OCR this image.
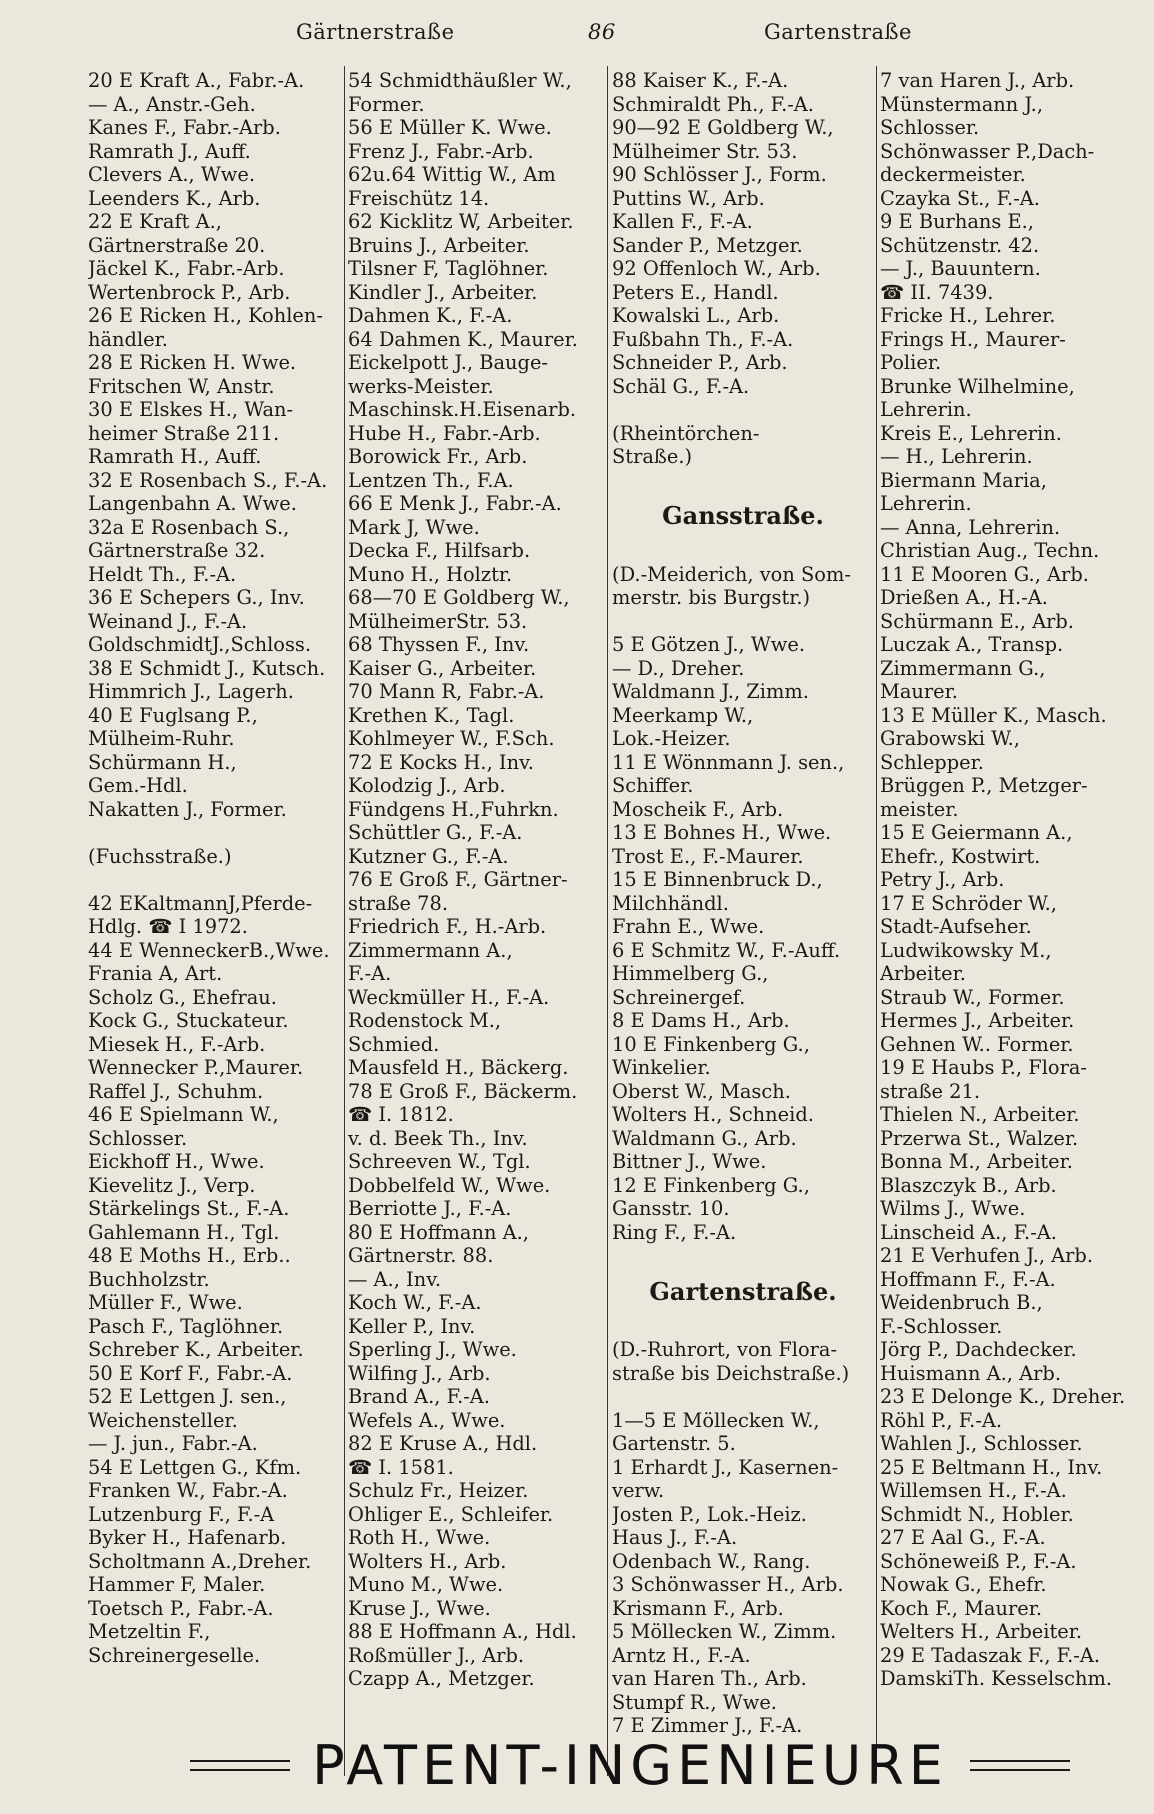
Gärtnerstraße	86	Gartenstraße
20 E Kraft A., Fabr.-A.
— A., Anstr.-Geh.
Kanes F., Fabr.-Arb.
Ramrath J., Auff.
Clevers A., Wwe.
Leenders K., Arb.
22 E Kraft A.,
Gärtnerstraße 20.
Jäckel K., Fabr.-Arb.
Wertenbrock P., Arb.
26 E Ricken H., Kohlen-
händler.
28 E Ricken H. Wwe.
Fritschen W, Anstr.
30 E Elskes H., Wan-
heimer Straße 211.
Ramrath H., Auff.
32 E Rosenbach S., F.-A.
Langenbahn A. Wwe.
32a E Rosenbach S.,
Gärtnerstraße 32.
Heldt Th., F.-A.
36 E Schepers G., Inv.
Weinand J., F.-A.
GoldschmidtJ.,Schloss.
38 E Schmidt J., Kutsch.
Himmrich J., Lagerh.
40 E Fuglsang P.,
Mülheim-Ruhr.
Schürmann H.,
Gem.-Hdl.
Nakatten J., Former.
(Fuchsstraße.)
42 EKaltmannJ,Pferde-
Hdlg. ☎ I 1972.
44 E WenneckerB.,Wwe.
Frania A, Art.
Scholz G., Ehefrau.
Kock G., Stuckateur.
Miesek H., F.-Arb.
Wennecker P.,Maurer.
Raffel J., Schuhm.
46 E Spielmann W.,
Schlosser.
Eickhoff H., Wwe.
Kievelitz J., Verp.
Stärkelings St., F.-A.
Gahlemann H., Tgl.
48 E Moths H., Erb..
Buchholzstr.
Müller F., Wwe.
Pasch F., Taglöhner.
Schreber K., Arbeiter.
50 E Korf F., Fabr.-A.
52 E Lettgen J. sen.,
Weichensteller.
— J. jun., Fabr.-A.
54 E Lettgen G., Kfm.
Franken W., Fabr.-A.
Lutzenburg F., F.-A
Byker H., Hafenarb.
Scholtmann A.,Dreher.
Hammer F, Maler.
Toetsch P., Fabr.-A.
Metzeltin F.,
Schreinergeselle.
54 Schmidthäußler W.,
Former.
56 E Müller K. Wwe.
Frenz J., Fabr.-Arb.
62u.64 Wittig W., Am
Freischütz 14.
62 Kicklitz W, Arbeiter.
Bruins J., Arbeiter.
Tilsner F, Taglöhner.
Kindler J., Arbeiter.
Dahmen K., F.-A.
64 Dahmen K., Maurer.
Eickelpott J., Bauge-
werks-Meister.
Maschinsk.H.Eisenarb.
Hube H., Fabr.-Arb.
Borowick Fr., Arb.
Lentzen Th., F.A.
66 E Menk J., Fabr.-A.
Mark J, Wwe.
Decka F., Hilfsarb.
Muno H., Holztr.
68—70 E Goldberg W.,
MülheimerStr. 53.
68 Thyssen F., Inv.
Kaiser G., Arbeiter.
70 Mann R, Fabr.-A.
Krethen K., Tagl.
Kohlmeyer W., F.Sch.
72 E Kocks H., Inv.
Kolodzig J., Arb.
Fündgens H.,Fuhrkn.
Schüttler G., F.-A.
Kutzner G., F.-A.
76 E Groß F., Gärtner-
straße 78.
Friedrich F., H.-Arb.
Zimmermann A.,
F.-A.
Weckmüller H., F.-A.
Rodenstock M.,
Schmied.
Mausfeld H., Bäckerg.
78 E Groß F., Bäckerm.
☎ I. 1812.
v. d. Beek Th., Inv.
Schreeven W., Tgl.
Dobbelfeld W., Wwe.
Berriotte J., F.-A.
80 E Hoffmann A.,
Gärtnerstr. 88.
— A., Inv.
Koch W., F.-A.
Keller P., Inv.
Sperling J., Wwe.
Wilfing J., Arb.
Brand A., F.-A.
Wefels A., Wwe.
82 E Kruse A., Hdl.
☎ I. 1581.
Schulz Fr., Heizer.
Ohliger E., Schleifer.
Roth H., Wwe.
Wolters H., Arb.
Muno M., Wwe.
Kruse J., Wwe.
88 E Hoffmann A., Hdl.
Roßmüller J., Arb.
Czapp A., Metzger.
88 Kaiser K., F.-A.
Schmiraldt Ph., F.-A.
90—92 E Goldberg W.,
Mülheimer Str. 53.
90 Schlösser J., Form.
Puttins W., Arb.
Kallen F., F.-A.
Sander P., Metzger.
92 Offenloch W., Arb.
Peters E., Handl.
Kowalski L., Arb.
Fußbahn Th., F.-A.
Schneider P., Arb.
Schäl G., F.-A.
(Rheintörchen-
Straße.)
Gansstraße.
(D.-Meiderich, von Som-
merstr. bis Burgstr.)
5 E Götzen J., Wwe.
— D., Dreher.
Waldmann J., Zimm.
Meerkamp W.,
Lok.-Heizer.
11 E Wönnmann J. sen.,
Schiffer.
Moscheik F., Arb.
13 E Bohnes H., Wwe.
Trost E., F.-Maurer.
15 E Binnenbruck D.,
Milchhändl.
Frahn E., Wwe.
6 E Schmitz W., F.-Auff.
Himmelberg G.,
Schreinergef.
8 E Dams H., Arb.
10 E Finkenberg G.,
Winkelier.
Oberst W., Masch.
Wolters H., Schneid.
Waldmann G., Arb.
Bittner J., Wwe.
12 E Finkenberg G.,
Gansstr. 10.
Ring F., F.-A.
Gartenstraße.
(D.-Ruhrort, von Flora-
straße bis Deichstraße.)
1—5 E Möllecken W.,
Gartenstr. 5.
1 Erhardt J., Kasernen-
verw.
Josten P., Lok.-Heiz.
Haus J., F.-A.
Odenbach W., Rang.
3 Schönwasser H., Arb.
Krismann F., Arb.
5 Möllecken W., Zimm.
Arntz H., F.-A.
van Haren Th., Arb.
Stumpf R., Wwe.
7 E Zimmer J., F.-A.
7 van Haren J., Arb.
Münstermann J.,
Schlosser.
Schönwasser P.,Dach-
deckermeister.
Czayka St., F.-A.
9 E Burhans E.,
Schützenstr. 42.
— J., Bauuntern.
☎ II. 7439.
Fricke H., Lehrer.
Frings H., Maurer-
Polier.
Brunke Wilhelmine,
Lehrerin.
Kreis E., Lehrerin.
— H., Lehrerin.
Biermann Maria,
Lehrerin.
— Anna, Lehrerin.
Christian Aug., Techn.
11 E Mooren G., Arb.
Drießen A., H.-A.
Schürmann E., Arb.
Luczak A., Transp.
Zimmermann G.,
Maurer.
13 E Müller K., Masch.
Grabowski W.,
Schlepper.
Brüggen P., Metzger-
meister.
15 E Geiermann A.,
Ehefr., Kostwirt.
Petry J., Arb.
17 E Schröder W.,
Stadt-Aufseher.
Ludwikowsky M.,
Arbeiter.
Straub W., Former.
Hermes J., Arbeiter.
Gehnen W.. Former.
19 E Haubs P., Flora-
straße 21.
Thielen N., Arbeiter.
Przerwa St., Walzer.
Bonna M., Arbeiter.
Blaszczyk B., Arb.
Wilms J., Wwe.
Linscheid A., F.-A.
21 E Verhufen J., Arb.
Hoffmann F., F.-A.
Weidenbruch B.,
F.-Schlosser.
Jörg P., Dachdecker.
Huismann A., Arb.
23 E Delonge K., Dreher.
Röhl P., F.-A.
Wahlen J., Schlosser.
25 E Beltmann H., Inv.
Willemsen H., F.-A.
Schmidt N., Hobler.
27 E Aal G., F.-A.
Schöneweiß P., F.-A.
Nowak G., Ehefr.
Koch F., Maurer.
Welters H., Arbeiter.
29 E Tadaszak F., F.-A.
DamskiTh. Kesselschm.
PATENT-INGENIEURE
